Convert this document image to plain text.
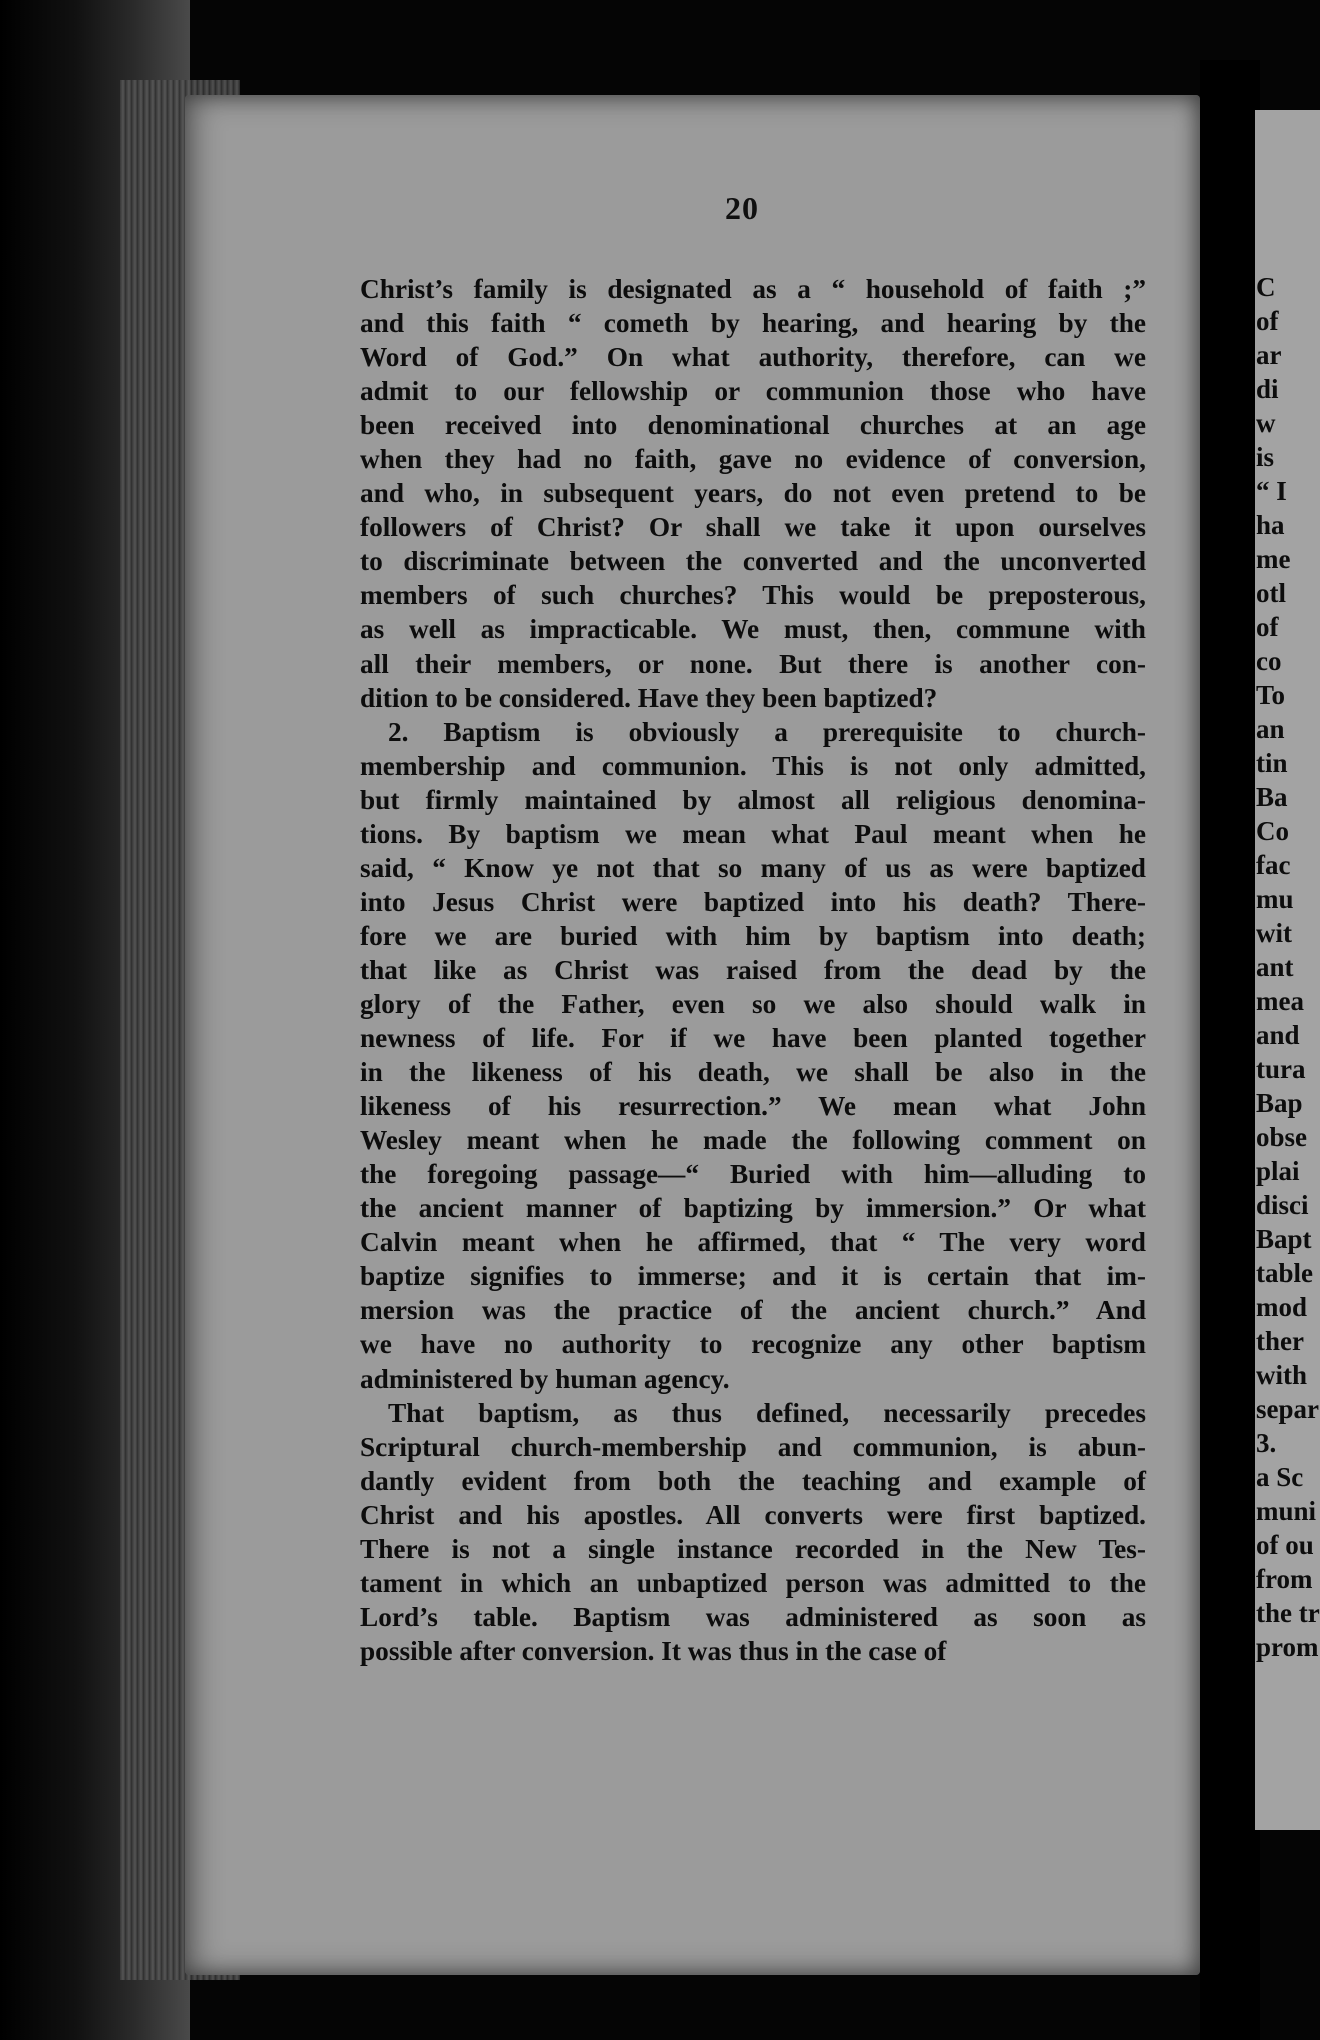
20
Christ’s family is designated as a “ household of faith ;”
and this faith “ cometh by hearing, and hearing by the
Word of God.” On what authority, therefore, can we
admit to our fellowship or communion those who have
been received into denominational churches at an age
when they had no faith, gave no evidence of conversion,
and who, in subsequent years, do not even pretend to be
followers of Christ? Or shall we take it upon ourselves
to discriminate between the converted and the unconverted
members of such churches? This would be preposterous,
as well as impracticable. We must, then, commune with
all their members, or none. But there is another con-
dition to be considered. Have they been baptized?
2. Baptism is obviously a prerequisite to church-
membership and communion. This is not only admitted,
but firmly maintained by almost all religious denomina-
tions. By baptism we mean what Paul meant when he
said, “ Know ye not that so many of us as were baptized
into Jesus Christ were baptized into his death? There-
fore we are buried with him by baptism into death;
that like as Christ was raised from the dead by the
glory of the Father, even so we also should walk in
newness of life. For if we have been planted together
in the likeness of his death, we shall be also in the
likeness of his resurrection.” We mean what John
Wesley meant when he made the following comment on
the foregoing passage—“ Buried with him—alluding to
the ancient manner of baptizing by immersion.” Or what
Calvin meant when he affirmed, that “ The very word
baptize signifies to immerse; and it is certain that im-
mersion was the practice of the ancient church.” And
we have no authority to recognize any other baptism
administered by human agency.
That baptism, as thus defined, necessarily precedes
Scriptural church-membership and communion, is abun-
dantly evident from both the teaching and example of
Christ and his apostles. All converts were first baptized.
There is not a single instance recorded in the New Tes-
tament in which an unbaptized person was admitted to the
Lord’s table. Baptism was administered as soon as
possible after conversion. It was thus in the case of
C
of
ar
di
w
is
“ I
ha
me
otl
of
co
To
an
tin
Ba
Co
fac
mu
wit
ant
mea
and
tura
Bap
obse
plai
disci
Bapt
table
mod
ther
with
separ
3.
a Sc
muni
of ou
from
the tr
prom
